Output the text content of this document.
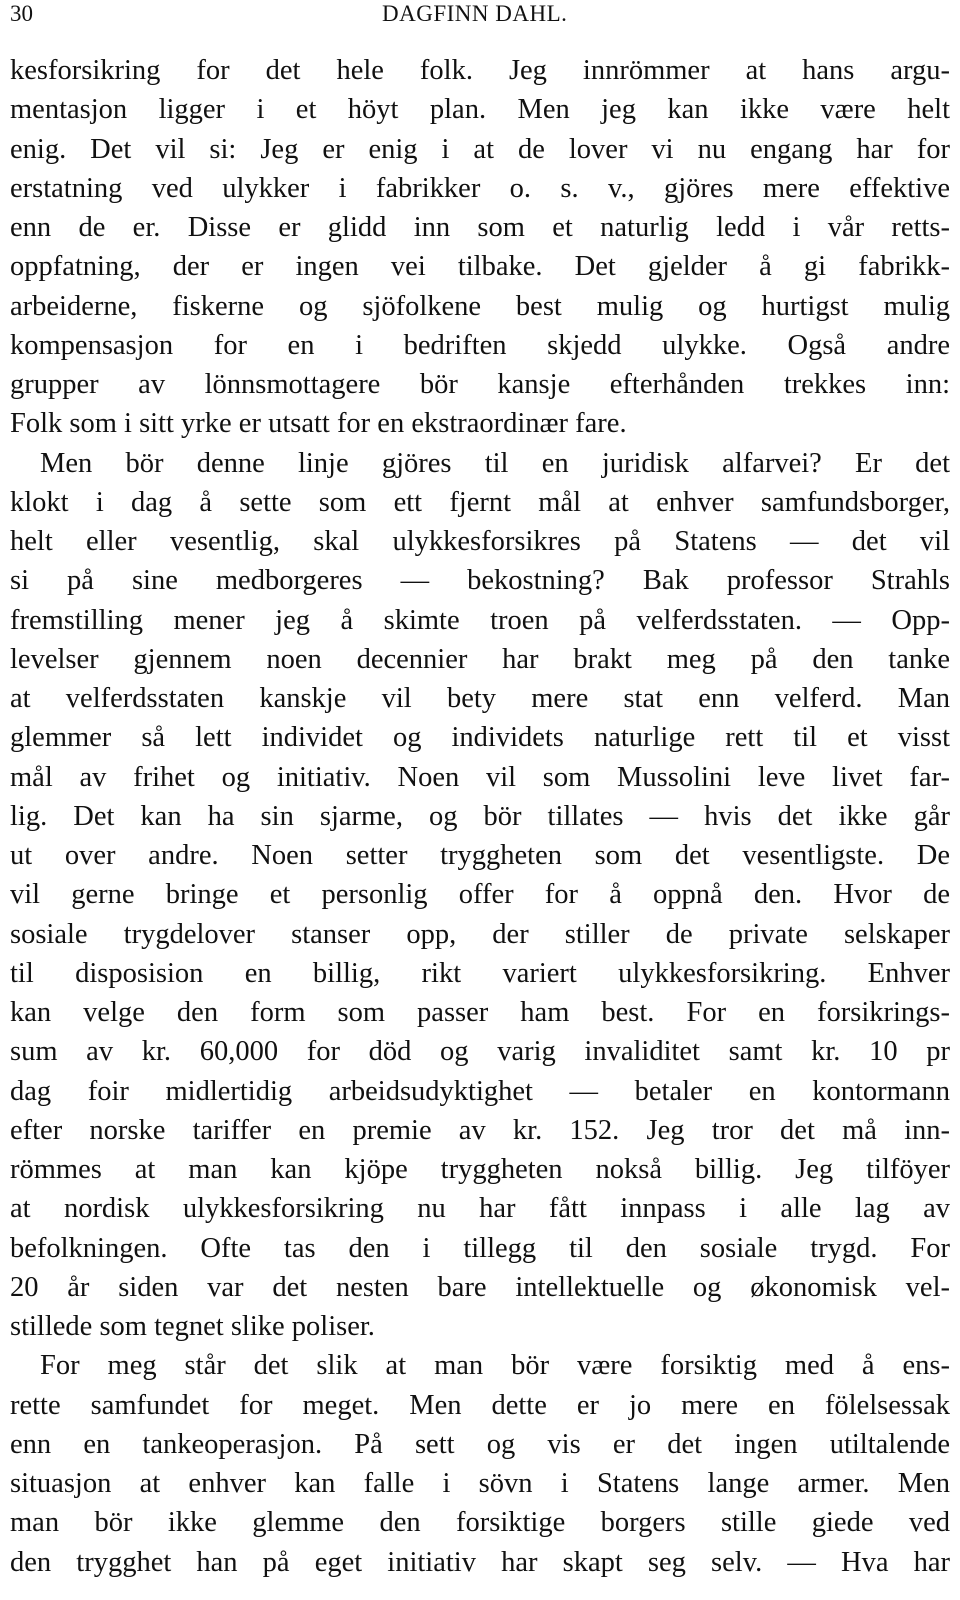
30	DAGFINN DAHL.
kesforsikring for det hele folk. Jeg innrömmer at hans argu-
mentasjon ligger i et höyt plan. Men jeg kan ikke være helt
enig. Det vil si: Jeg er enig i at de lover vi nu engang har for
erstatning ved ulykker i fabrikker o. s. v., gjöres mere effektive
enn de er. Disse er glidd inn som et naturlig ledd i vår retts-
oppfatning, der er ingen vei tilbake. Det gjelder å gi fabrikk-
arbeiderne, fiskerne og sjöfolkene best mulig og hurtigst mulig
kompensasjon for en i bedriften skjedd ulykke. Også andre
grupper av lönnsmottagere bör kansje efterhånden trekkes inn:
Folk som i sitt yrke er utsatt for en ekstraordinær fare.
Men bör denne linje gjöres til en juridisk alfarvei? Er det
klokt i dag å sette som ett fjernt mål at enhver samfundsborger,
helt eller vesentlig, skal ulykkesforsikres på Statens — det vil
si på sine medborgeres — bekostning? Bak professor Strahls
fremstilling mener jeg å skimte troen på velferdsstaten. — Opp-
levelser gjennem noen decennier har brakt meg på den tanke
at velferdsstaten kanskje vil bety mere stat enn velferd. Man
glemmer så lett individet og individets naturlige rett til et visst
mål av frihet og initiativ. Noen vil som Mussolini leve livet far-
lig. Det kan ha sin sjarme, og bör tillates — hvis det ikke går
ut over andre. Noen setter tryggheten som det vesentligste. De
vil gerne bringe et personlig offer for å oppnå den. Hvor de
sosiale trygdelover stanser opp, der stiller de private selskaper
til disposision en billig, rikt variert ulykkesforsikring. Enhver
kan velge den form som passer ham best. For en forsikrings-
sum av kr. 60,000 for död og varig invaliditet samt kr. 10 pr
dag foir midlertidig arbeidsudyktighet — betaler en kontormann
efter norske tariffer en premie av kr. 152. Jeg tror det må inn-
römmes at man kan kjöpe tryggheten nokså billig. Jeg tilföyer
at nordisk ulykkesforsikring nu har fått innpass i alle lag av
befolkningen. Ofte tas den i tillegg til den sosiale trygd. For
20 år siden var det nesten bare intellektuelle og økonomisk vel-
stillede som tegnet slike poliser.
For meg står det slik at man bör være forsiktig med å ens-
rette samfundet for meget. Men dette er jo mere en fölelsessak
enn en tankeoperasjon. På sett og vis er det ingen utiltalende
situasjon at enhver kan falle i sövn i Statens lange armer. Men
man bör ikke glemme den forsiktige borgers stille giede ved
den trygghet han på eget initiativ har skapt seg selv. — Hva har
